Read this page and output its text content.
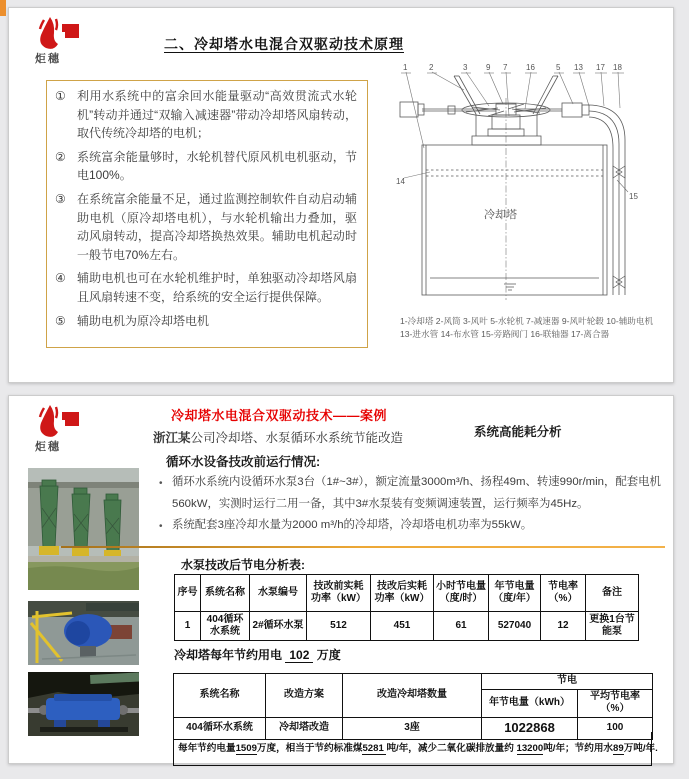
炬穗
二、冷却塔水电混合双驱动技术原理
① 利用水系统中的富余回水能量驱动“高效贯流式水轮机”转动并通过“双输入减速器”带动冷却塔风扇转动，取代传统冷却塔的电机；
② 系统富余能量够时，水轮机替代原风机电机驱动，节电100%。
③ 在系统富余能量不足，通过监测控制软件自动启动辅助电机（原冷却塔电机），与水轮机输出力叠加，驱动风扇转动，提高冷却塔换热效果。辅助电机起动时一般节电70%左右。
④ 辅助电机也可在水轮机维护时，单独驱动冷却塔风扇且风扇转速不变，给系统的安全运行提供保障。
⑤ 辅助电机为原冷却塔电机
1	2	3 9 7 16	5 13 17 18
14
15
冷却塔
1-冷却塔 2-风筒 3-风叶 5-水轮机 7-减速器 9-风叶轮毂 10-辅助电机
13-进水管 14-布水管 15-旁路阀门 16-联轴器 17-离合器
炬穗
冷却塔水电混合双驱动技术——案例
浙江某公司冷却塔、水泵循环水系统节能改造	系统高能耗分析
循环水设备技改前运行情况:
• 循环水系统内设循环水泵3台（1#~3#），额定流量3000m³/h、扬程49m、转速990r/min，配套电机560kW，实测时运行二用一备，其中3#水泵装有变频调速装置，运行频率为45Hz。
• 系统配套3座冷却水量为2000 m³/h的冷却塔，冷却塔电机功率为55kW。
水泵技改后节电分析表:
序号	系统名称	水泵编号	技改前实耗功率（kW）	技改后实耗功率（kW）	小时节电量（度/时）	年节电量（度/年）	节电率（%）	备注
1	404循环水系统	2#循环水泵	512	451	61	527040	12	更换1台节能泵
冷却塔每年节约用电 102 万度
系统名称	改造方案	改造冷却塔数量	节电	
			年节电量（kWh）	平均节电率（%）
404循环水系统	冷却塔改造	3座	1022868	100
每年节约电量1509万度，相当于节约标准煤5281 吨/年，减少二氧化碳排放量约 13200吨/年；节约用水89万吨/年.
